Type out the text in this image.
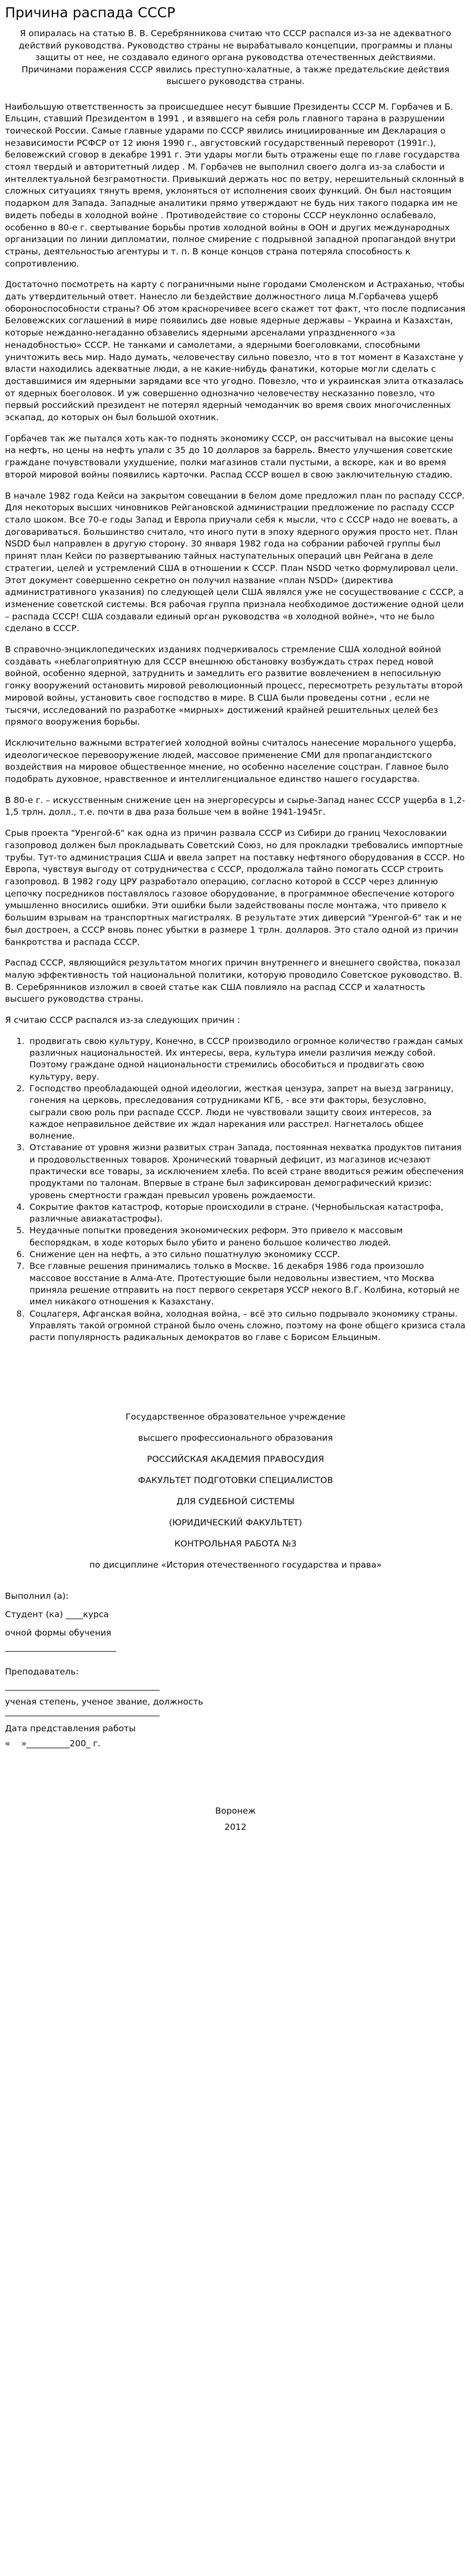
Причина распада СССР

Я опиралась на статью В. В. Серебрянникова считаю что СССР распался из-за не адекватного действий руководства. Руководство страны не вырабатывало концепции, программы и планы защиты от нее, не создавало единого органа руководства отечественных действиями. Причинами поражения СССР явились преступно-халатные, а также предательские действия высшего руководства страны.

Наибольшую ответственность за происшедшее несут бывшие Президенты СССР М. Горбачев и Б. Ельцин, ставший Президентом в 1991 , и взявшего на себя роль главного тарана в разрушении тоической России. Самые главные ударами по СССР явились инициированные им Декларация о независимости РСФСР от 12 июня 1990 г., августовский государственный переворот (1991г.), беловежский сговор в декабре 1991 г. Эти удары могли быть отражены еще по главе государства стоял твердый и авторитетный лидер . М. Горбачев не выполнил своего долга из-за слабости и интеллектуальной безграмотности. Привыкший держать нос по ветру, нерешительный склонный в сложных ситуациях тянуть время, уклоняться от исполнения своих функций. Он был настоящим подарком для Запада. Западные аналитики прямо утверждают не будь них такого подарка им не видеть победы в холодной войне . Противодействие со стороны СССР неуклонно ослабевало, особенно в 80-е г. свертывание борьбы против холодной войны в ООН и других международных организации по линии дипломатии, полное смирение с подрывной западной пропагандой внутри страны, деятельностью агентуры и т. п. В конце концов страна потеряла способность к сопротивлению.

Достаточно посмотреть на карту с пограничными ныне городами Смоленском и Астраханью, чтобы дать утвердительный ответ. Нанесло ли бездействие должностного лица М.Горбачева ущерб обороноспособности страны? Об этом красноречивее всего скажет тот факт, что после подписания Беловежских соглашений в мире появились две новые ядерные державы – Украина и Казахстан, которые нежданно-негаданно обзавелись ядерными арсеналами упраздненного «за ненадобностью» СССР. Не танками и самолетами, а ядерными боеголовками, способными уничтожить весь мир. Надо думать, человечеству сильно повезло, что в тот момент в Казахстане у власти находились адекватные люди, а не какие-нибудь фанатики, которые могли сделать с доставшимися им ядерными зарядами все что угодно. Повезло, что и украинская элита отказалась от ядерных боеголовок. И уж совершенно однозначно человечеству несказанно повезло, что первый российский президент не потерял ядерный чемоданчик во время своих многочисленных эскапад, до которых он был большой охотник.

Горбачев так же пытался хоть как-то поднять экономику СССР, он рассчитывал на высокие цены на нефть, но цены на нефть упали с 35 до 10 долларов за баррель. Вместо улучшения советские граждане почувствовали ухудшение, полки магазинов стали пустыми, а вскоре, как и во время второй мировой войны появились карточки. Распад СССР вошел в свою заключительную стадию.

В начале 1982 года Кейси на закрытом совещании в белом доме предложил план по распаду СССР. Для некоторых высших чиновников Рейгановской администрации предложение по распаду СССР стало шоком. Все 70-е годы Запад и Европа приучали себя к мысли, что с СССР надо не воевать, а договариваться. Большинство считало, что иного пути в эпоху ядерного оружия просто нет. План NSDD был направлен в другую сторону. 30 января 1982 года на собрании рабочей группы был принят план Кейси по развертыванию тайных наступательных операций цвн Рейгана в деле стратегии, целей и устремлений США в отношении к СССР. План NSDD четко формулировал цели. Этот документ совершенно секретно он получил название «план NSDD» (директива административного указания) по следующей цели США являлся уже не сосуществование с СССР, а изменение советской системы. Вся рабочая группа признала необходимое достижение одной цели – распада СССР! США создавали единый орган руководства «в холодной войне», что не было сделано в СССР.

В справочно-энциклопедических изданиях подчеркивалось стремление США холодной войной создавать «неблагоприятную для СССР внешнюю обстановку возбуждать страх перед новой войной, особенно ядерной, затруднить и замедлить его развитие вовлечением в непосильную гонку вооружений остановить мировой революционный процесс, пересмотреть результаты второй мировой войны, установить свое господство в мире. В США были проведены сотни , если не тысячи, исследований по разработке «мирных» достижений крайней решительных целей без прямого вооружения борьбы.

Исключительно важными встратегией холодной войны считалось нанесение морального ущерба, идеологическое перевооружение людей, массовое применение СМИ для пропагандистского воздействия на мировое общественное мнение, но особенно население соцстран. Главное было подобрать духовное, нравственное и интеллигенциальное единство нашего государства.

В 80-е г. – искусственным снижение цен на энергоресурсы и сырье-Запад нанес СССР ущерба в 1,2-1,5 трлн. долл., т.е. почти в два раза больше чем в войне 1941-1945г.

Срыв проекта "Уренгой-6" как одна из причин развала СССР из Сибири до границ Чехословакии газопровод должен был прокладывать Советский Союз, но для прокладки требовались импортные трубы. Тут-то администрация США и ввела запрет на поставку нефтяного оборудования в СССР. Но Европа, чувствуя выгоду от сотрудничества с СССР, продолжала тайно помогать СССР строить газопровод. В 1982 году ЦРУ разработало операцию, согласно которой в СССР через длинную цепочку посредников поставлялось газовое оборудование, в программное обеспечение которого умышленно вносились ошибки. Эти ошибки были задействованы после монтажа, что привело к большим взрывам на транспортных магистралях. В результате этих диверсий "Уренгой-6" так и не был достроен, а СССР вновь понес убытки в размере 1 трлн. долларов. Это стало одной из причин банкротства и распада СССР.

Распад СССР, являющийся результатом многих причин внутреннего и внешнего свойства, показал малую эффективность той национальной политики, которую проводило Советское руководство. В. В. Серебрянников изложил в своей статье как США повлияло на распад СССР и халатность высшего руководства страны.

Я считаю СССР распался из-за следующих причин :

1. продвигать свою культуру, Конечно, в СССР производило огромное количество граждан самых различных национальностей. Их интересы, вера, культура имели различия между собой. Поэтому граждане одной национальности стремились обособиться и продвигать свою культуру, веру.
2. Господство преобладающей одной идеологии, жесткая цензура, запрет на выезд заграницу, гонения на церковь, преследования сотрудниками КГБ, - все эти факторы, безусловно, сыграли свою роль при распаде СССР. Люди не чувствовали защиту своих интересов, за каждое неправильное действие их ждал нарекания или расстрел. Нагнеталось общее волнение.
3. Отставание от уровня жизни развитых стран Запада, постоянная нехватка продуктов питания и продовольственных товаров. Хронический товарный дефицит, из магазинов исчезают практически все товары, за исключением хлеба. По всей стране вводиться режим обеспечения продуктами по талонам. Впервые в стране был зафиксирован демографический кризис: уровень смертности граждан превысил уровень рождаемости.
4. Сокрытие фактов катастроф, которые происходили в стране. (Чернобыльская катастрофа, различные авиакатастрофы).
5. Неудачные попытки проведения экономических реформ. Это привело к массовым беспорядкам, в ходе которых было убито и ранено большое количество людей.
6. Снижение цен на нефть, а это сильно пошатнулую экономику СССР.
7. Все главные решения принимались только в Москве. 16 декабря 1986 года произошло массовое восстание в Алма-Ате. Протестующие были недовольны известием, что Москва приняла решение отправить на пост первого секретаря УССР некого В.Г. Колбина, который не имел никакого отношения к Казахстану.
8. Соцлагеря, Афганская война, холодная война, – всё это сильно подрывало экономику страны. Управлять такой огромной страной было очень сложно, поэтому на фоне общего кризиса стала расти популярность радикальных демократов во главе с Борисом Ельциным.
Государственное образовательное учреждение
высшего профессионального образования
РОССИЙСКАЯ АКАДЕМИЯ ПРАВОСУДИЯ
ФАКУЛЬТЕТ ПОДГОТОВКИ СПЕЦИАЛИСТОВ
ДЛЯ СУДЕБНОЙ СИСТЕМЫ
(ЮРИДИЧЕСКИЙ ФАКУЛЬТЕТ)
КОНТРОЛЬНАЯ РАБОТА №3
по дисциплине «История отечественного государства и права»

Выполнил (а):

Студент (ка) ____курса

очной формы обучения

Преподаватель:

ученая степень, ученое звание, должность

Дата представления работы

«    »__________200_ г.

Воронеж
2012
